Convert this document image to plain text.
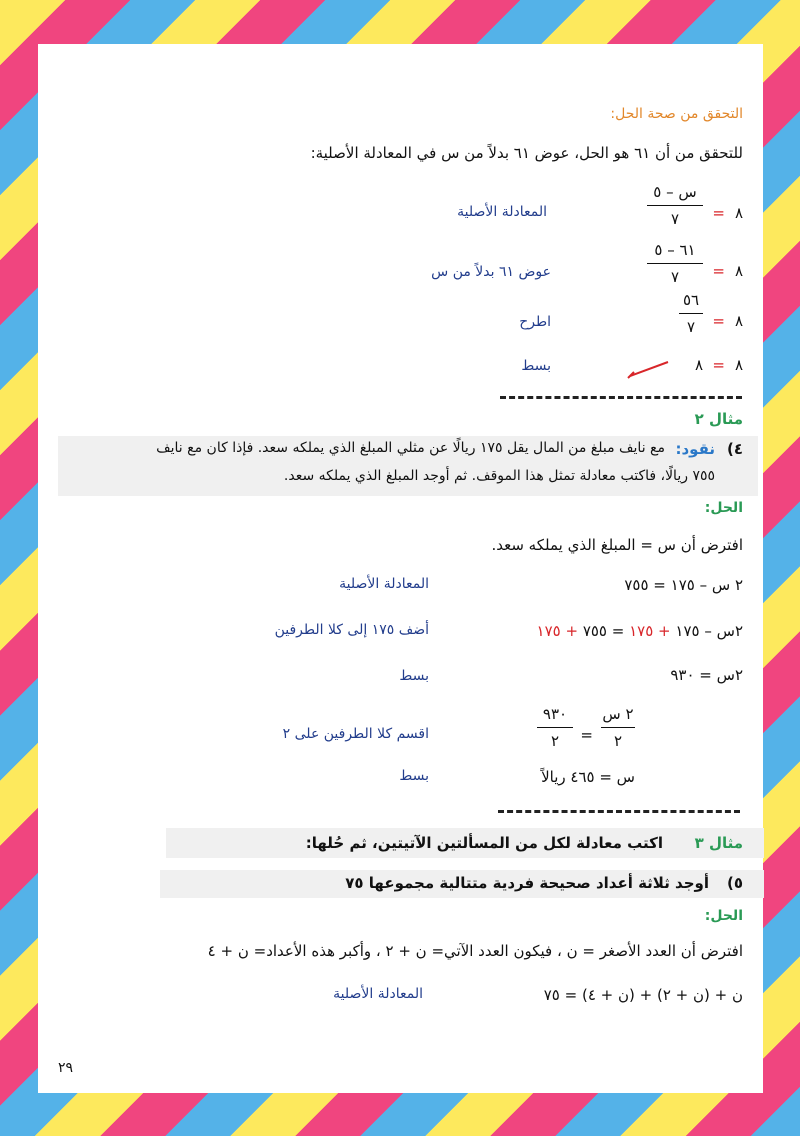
التحقق من صحة الحل:
للتحقق من أن ٦١ هو الحل، عوض ٦١ بدلاً من س في المعادلة الأصلية:
٨
=
س – ٥
٧
المعادلة الأصلية
٨
=
٦١ – ٥
٧
عوض ٦١ بدلاً من س
٨
=
٥٦
٧
اطرح
٨
=
٨
بسط
مثال ٢
٤)
نقود:
مع نايف مبلغ من المال يقل ١٧٥ ريالًا عن مثلي المبلغ الذي يملكه سعد. فإذا كان مع نايف
٧٥٥ ريالًا، فاكتب معادلة تمثل هذا الموقف. ثم أوجد المبلغ الذي يملكه سعد.
الحل:
افترض أن س = المبلغ الذي يملكه سعد.
٢ س – ١٧٥ = ٧٥٥
المعادلة الأصلية
٢س – ١٧٥ + ١٧٥ = ٧٥٥ + ١٧٥
أضف ١٧٥ إلى كلا الطرفين
٢س = ٩٣٠
بسط
٢ س
٢
=
٩٣٠
٢
اقسم كلا الطرفين على ٢
س = ٤٦٥ ريالاً
بسط
مثال ٣
اكتب معادلة لكل من المسألتين الآتيتين، ثم حُلها:
٥)
أوجد ثلاثة أعداد صحيحة فردية متتالية مجموعها ٧٥
الحل:
افترض أن العدد الأصغر = ن ، فيكون العدد الآتي= ن + ٢ ، وأكبر هذه الأعداد= ن + ٤
ن + (ن + ٢) + (ن + ٤) = ٧٥
المعادلة الأصلية
٢٩
